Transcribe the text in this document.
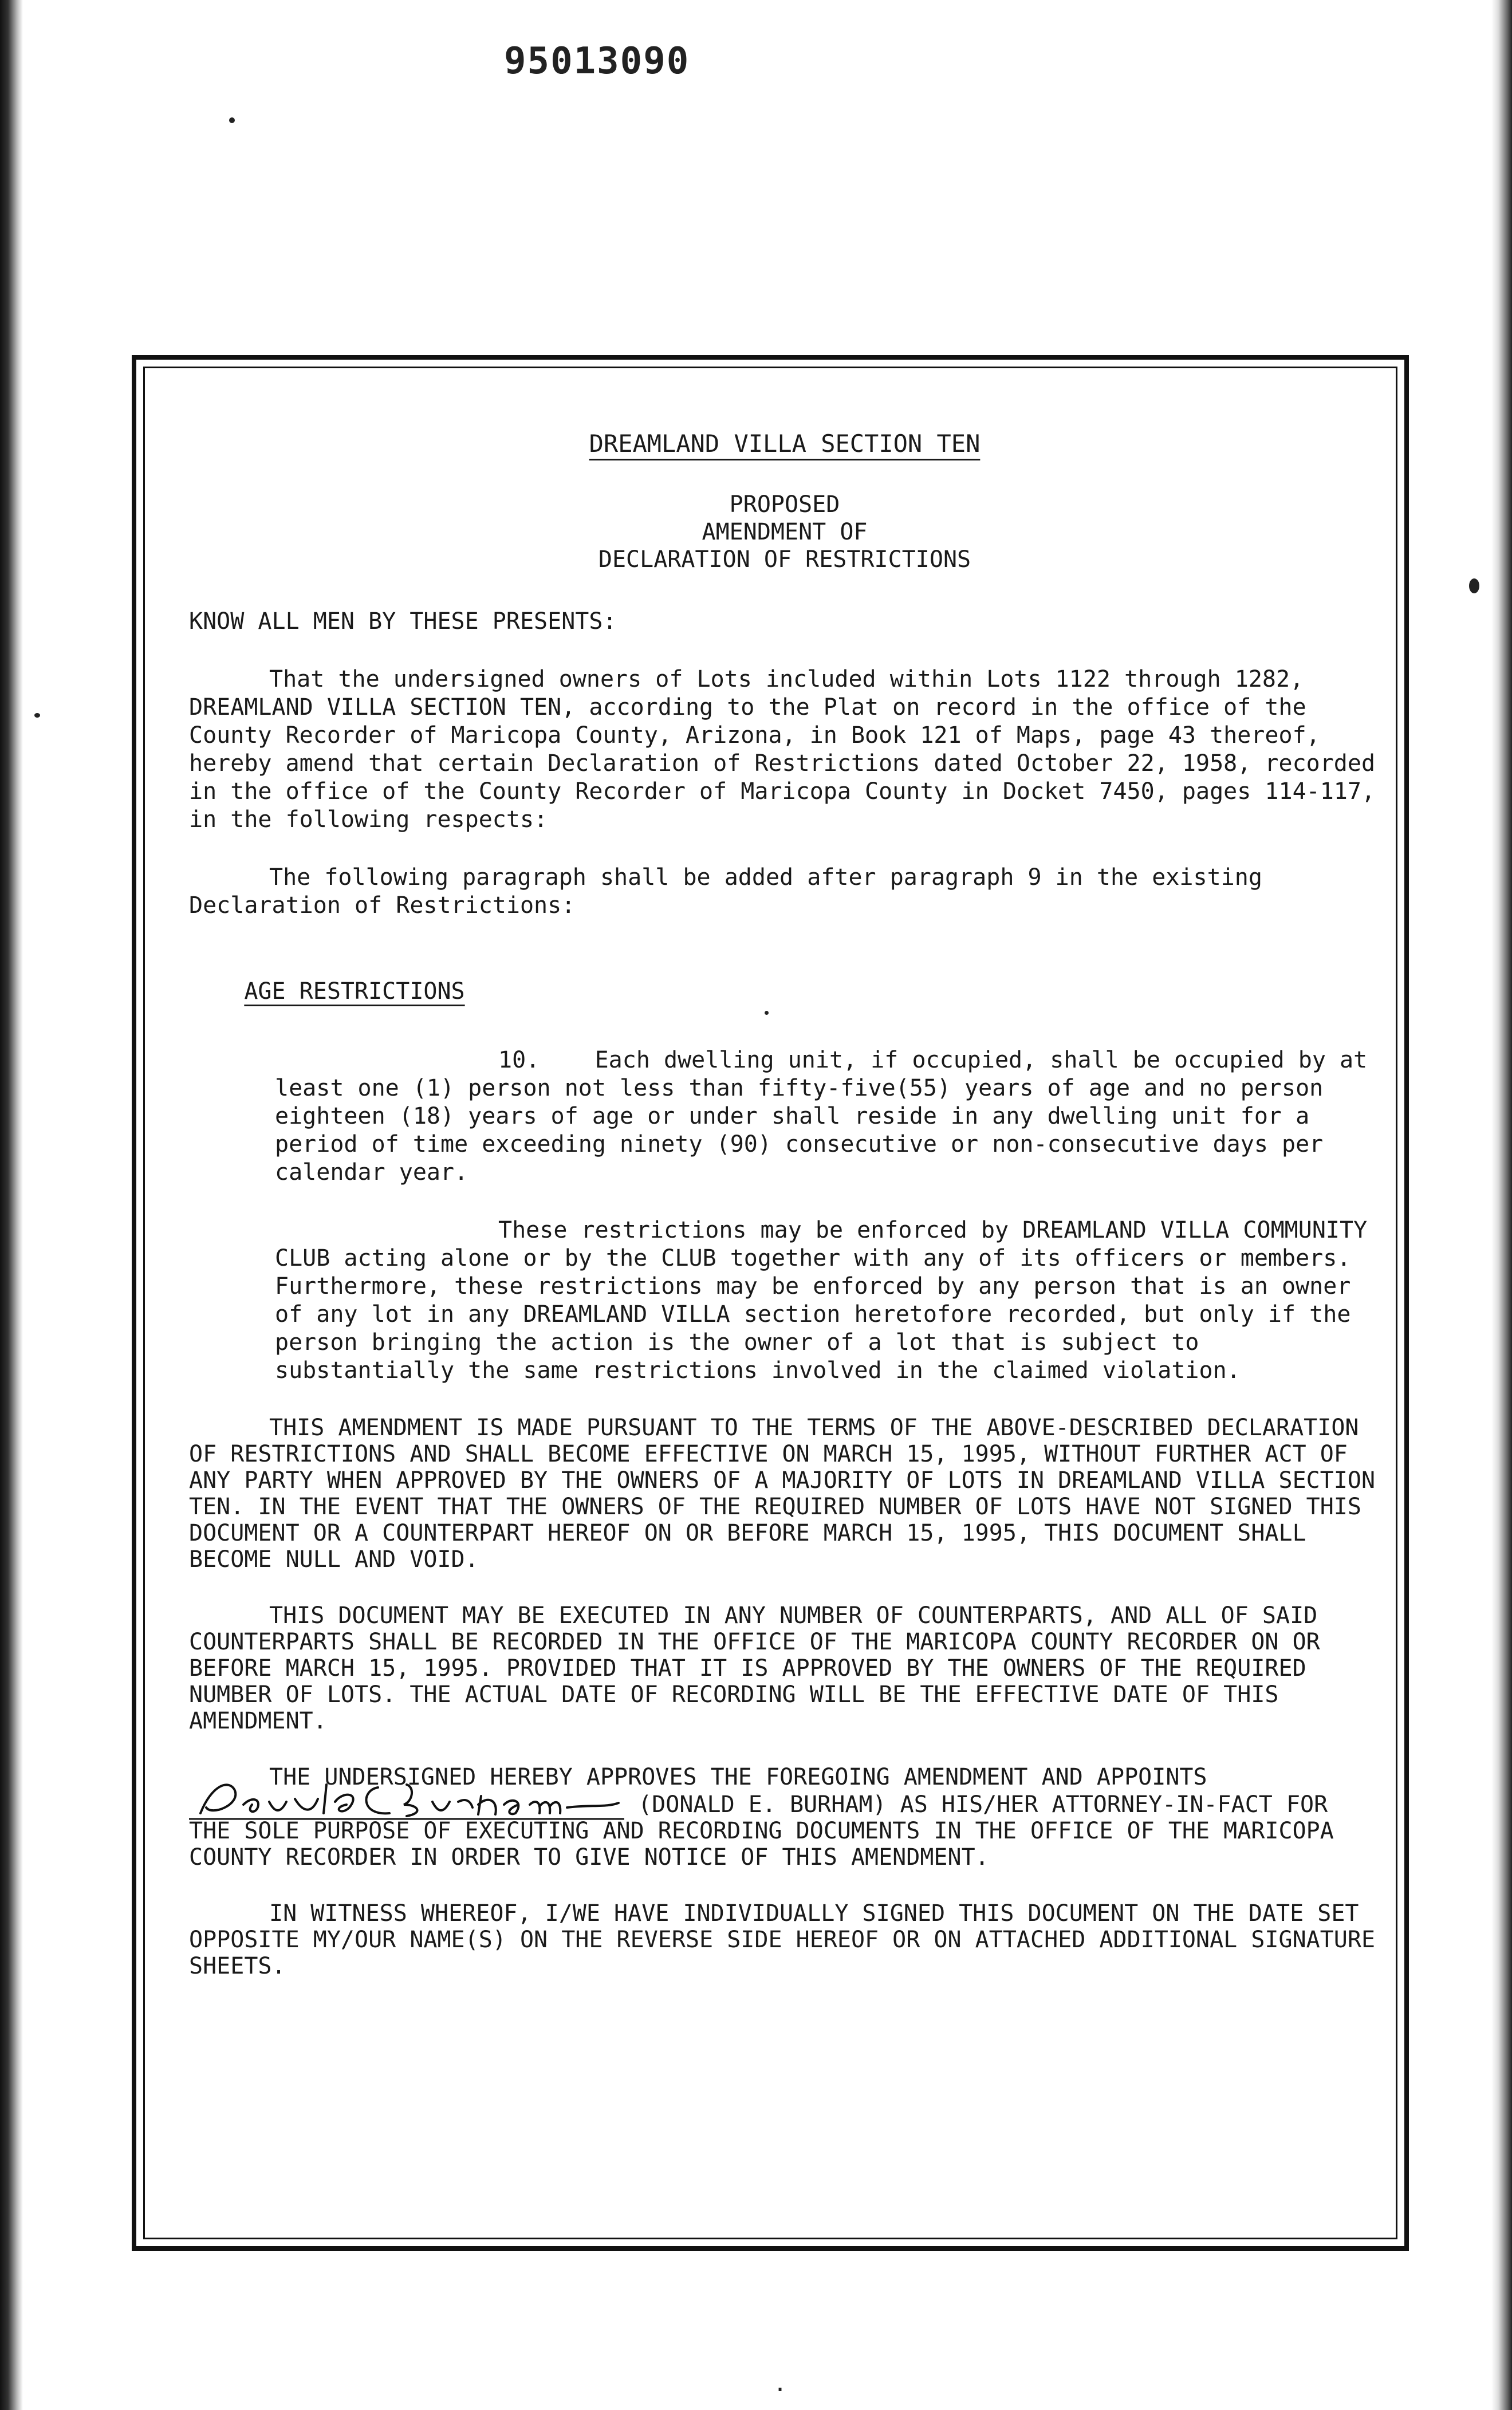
95013090
DREAMLAND VILLA SECTION TEN

PROPOSED

AMENDMENT OF

DECLARATION OF RESTRICTIONS

KNOW ALL MEN BY THESE PRESENTS:

That the undersigned owners of Lots included within Lots 1122 through 1282, DREAMLAND VILLA SECTION TEN, according to the Plat on record in the office of the County Recorder of Maricopa County, Arizona, in Book 121 of Maps, page 43 thereof, hereby amend that certain Declaration of Restrictions dated October 22, 1958, recorded in the office of the County Recorder of Maricopa County in Docket 7450, pages 114-117, in the following respects:

The following paragraph shall be added after paragraph 9 in the existing Declaration of Restrictions:

AGE RESTRICTIONS

10.    Each dwelling unit, if occupied, shall be occupied by at least one (1) person not less than fifty-five(55) years of age and no person eighteen (18) years of age or under shall reside in any dwelling unit for a period of time exceeding ninety (90) consecutive or non-consecutive days per calendar year.

These restrictions may be enforced by DREAMLAND VILLA COMMUNITY CLUB acting alone or by the CLUB together with any of its officers or members. Furthermore, these restrictions may be enforced by any person that is an owner of any lot in any DREAMLAND VILLA section heretofore recorded, but only if the person bringing the action is the owner of a lot that is subject to substantially the same restrictions involved in the claimed violation.

THIS AMENDMENT IS MADE PURSUANT TO THE TERMS OF THE ABOVE-DESCRIBED DECLARATION OF RESTRICTIONS AND SHALL BECOME EFFECTIVE ON MARCH 15, 1995, WITHOUT FURTHER ACT OF ANY PARTY WHEN APPROVED BY THE OWNERS OF A MAJORITY OF LOTS IN DREAMLAND VILLA SECTION TEN. IN THE EVENT THAT THE OWNERS OF THE REQUIRED NUMBER OF LOTS HAVE NOT SIGNED THIS DOCUMENT OR A COUNTERPART HEREOF ON OR BEFORE MARCH 15, 1995, THIS DOCUMENT SHALL BECOME NULL AND VOID.

THIS DOCUMENT MAY BE EXECUTED IN ANY NUMBER OF COUNTERPARTS, AND ALL OF SAID COUNTERPARTS SHALL BE RECORDED IN THE OFFICE OF THE MARICOPA COUNTY RECORDER ON OR BEFORE MARCH 15, 1995. PROVIDED THAT IT IS APPROVED BY THE OWNERS OF THE REQUIRED NUMBER OF LOTS. THE ACTUAL DATE OF RECORDING WILL BE THE EFFECTIVE DATE OF THIS AMENDMENT.

THE UNDERSIGNED HEREBY APPROVES THE FOREGOING AMENDMENT AND APPOINTS
(DONALD E. BURHAM) AS HIS/HER ATTORNEY-IN-FACT FOR THE SOLE PURPOSE OF EXECUTING AND RECORDING DOCUMENTS IN THE OFFICE OF THE MARICOPA COUNTY RECORDER IN ORDER TO GIVE NOTICE OF THIS AMENDMENT.

IN WITNESS WHEREOF, I/WE HAVE INDIVIDUALLY SIGNED THIS DOCUMENT ON THE DATE SET OPPOSITE MY/OUR NAME(S) ON THE REVERSE SIDE HEREOF OR ON ATTACHED ADDITIONAL SIGNATURE SHEETS.

·
